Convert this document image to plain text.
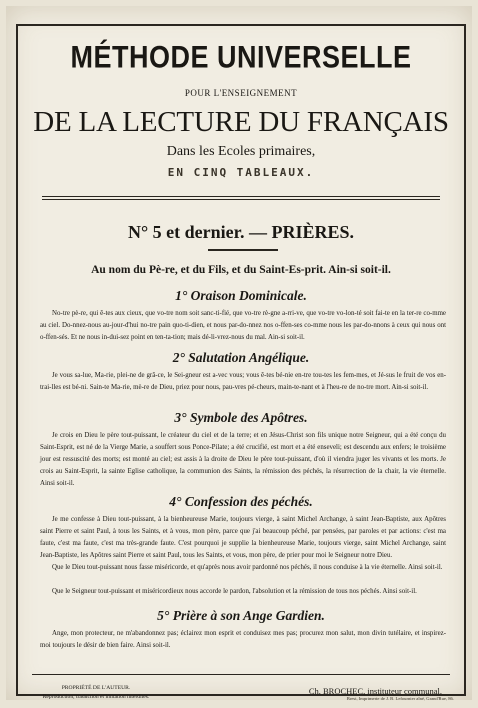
MÉTHODE UNIVERSELLE
POUR L'ENSEIGNEMENT
DE LA LECTURE DU FRANÇAIS
Dans les Ecoles primaires,
EN CINQ TABLEAUX.
N° 5 et dernier. — PRIÈRES.
Au nom du Pè-re, et du Fils, et du Saint-Es-prit. Ain-si soit-il.
1° Oraison Dominicale.
No-tre pè-re, qui ê-tes aux cieux, que vo-tre nom soit sanc-ti-fié, que vo-tre rè-gne a-rri-ve, que vo-tre vo-lon-té soit fai-te en la ter-re co-mme au ciel. Do-nnez-nous au-jour-d'hui no-tre pain quo-ti-dien, et nous par-do-nnez nos o-ffen-ses co-mme nous les par-do-nnons à ceux qui nous ont o-ffen-sés. Et ne nous in-dui-sez point en ten-ta-tion; mais dé-li-vrez-nous du mal. Ain-si soit-il.
2° Salutation Angélique.
Je vous sa-lue, Ma-rie, plei-ne de grâ-ce, le Sei-gneur est a-vec vous; vous ê-tes bé-nie en-tre tou-tes les fem-mes, et Jé-sus le fruit de vos en-trai-lles est bé-ni. Sain-te Ma-rie, mè-re de Dieu, priez pour nous, pau-vres pé-cheurs, main-te-nant et à l'heu-re de no-tre mort. Ain-si soit-il.
3° Symbole des Apôtres.
Je crois en Dieu le père tout-puissant, le créateur du ciel et de la terre; et en Jésus-Christ son fils unique notre Seigneur, qui a été conçu du Saint-Esprit, est né de la Vierge Marie, a souffert sous Ponce-Pilate; a été crucifié, est mort et a été enseveli; est descendu aux enfers; le troisième jour est ressuscité des morts; est monté au ciel; est assis à la droite de Dieu le père tout-puissant, d'où il viendra juger les vivants et les morts. Je crois au Saint-Esprit, la sainte Eglise catholique, la communion des Saints, la rémission des péchés, la résurrection de la chair, la vie éternelle. Ainsi soit-il.
4° Confession des péchés.
Je me confesse à Dieu tout-puissant, à la bienheureuse Marie, toujours vierge, à saint Michel Archange, à saint Jean-Baptiste, aux Apôtres saint Pierre et saint Paul, à tous les Saints, et à vous, mon père, parce que j'ai beaucoup péché, par pensées, par paroles et par actions: c'est ma faute, c'est ma faute, c'est ma très-grande faute. C'est pourquoi je supplie la bienheureuse Marie, toujours vierge, saint Michel Archange, saint Jean-Baptiste, les Apôtres saint Pierre et saint Paul, tous les Saints, et vous, mon père, de prier pour moi le Seigneur notre Dieu.
Que le Dieu tout-puissant nous fasse miséricorde, et qu'après nous avoir pardonné nos péchés, il nous conduise à la vie éternelle. Ainsi soit-il.
Que le Seigneur tout-puissant et miséricordieux nous accorde le pardon, l'absolution et la rémission de tous nos péchés. Ainsi soit-il.
5° Prière à son Ange Gardien.
Ange, mon protecteur, ne m'abandonnez pas; éclairez mon esprit et conduisez mes pas; procurez mon salut, mon divin tutélaire, et inspirez-moi toujours le désir de bien faire. Ainsi soit-il.
PROPRIÉTÉ DE L'AUTEUR.
Reproduction, traduction et imitation interdites.
Ch. BROCHEC, instituteur communal.
Brest, Imprimerie de J. B. Lefournier aîné, Grand'Rue, 86.
